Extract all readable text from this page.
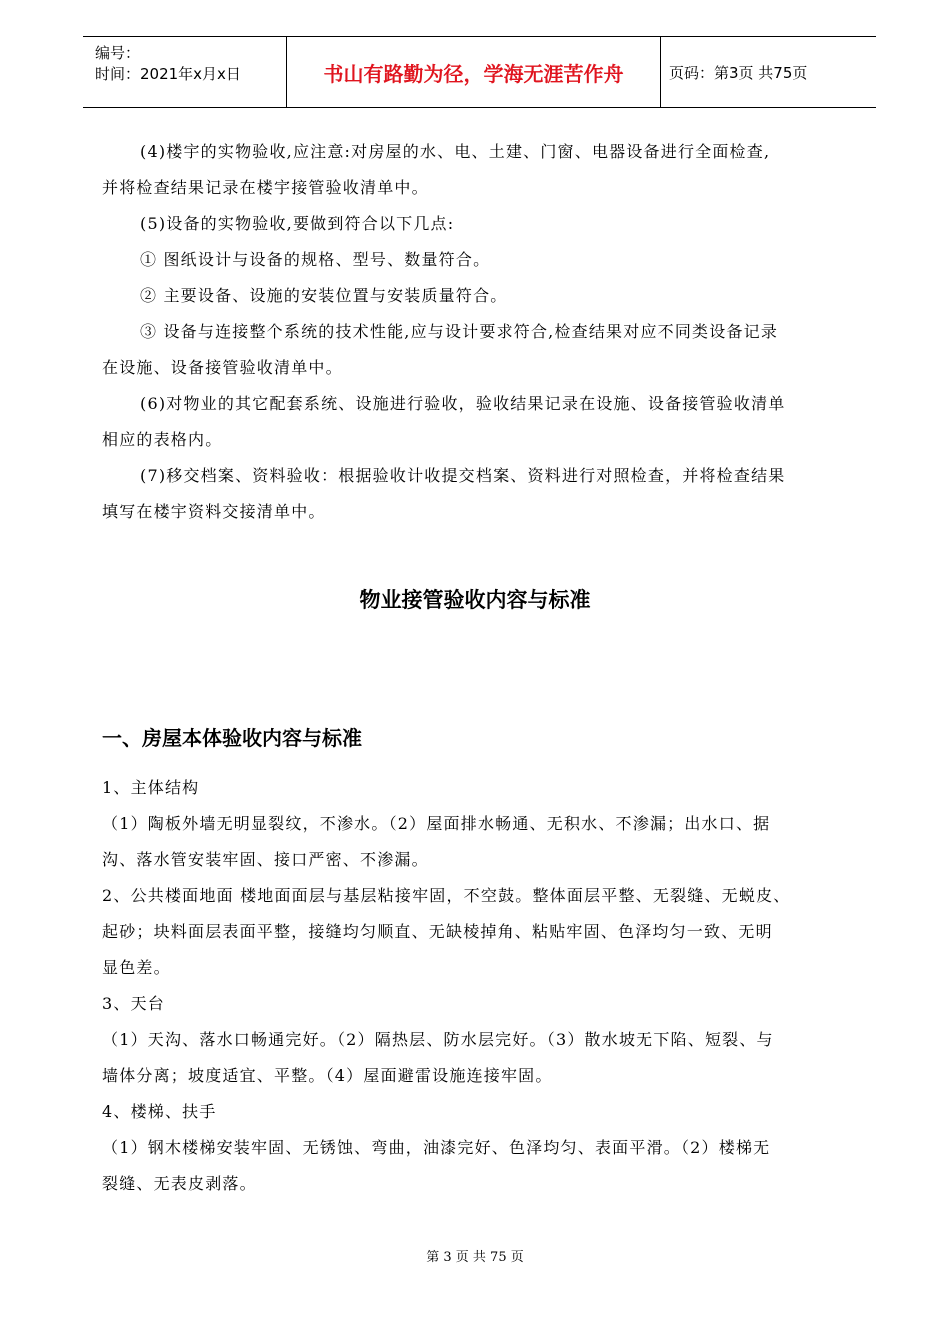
编号：
时间：2021年x月x日	书山有路勤为径，学海无涯苦作舟	页码：第3页 共75页

(4)楼宇的实物验收,应注意:对房屋的水、电、土建、门窗、电器设备进行全面检查,

并将检查结果记录在楼宇接管验收清单中。

(5)设备的实物验收,要做到符合以下几点:

① 图纸设计与设备的规格、型号、数量符合。

② 主要设备、设施的安装位置与安装质量符合。

③ 设备与连接整个系统的技术性能,应与设计要求符合,检查结果对应不同类设备记录

在设施、设备接管验收清单中。

(6)对物业的其它配套系统、设施进行验收，验收结果记录在设施、设备接管验收清单

相应的表格内。

(7)移交档案、资料验收：根据验收计收提交档案、资料进行对照检查，并将检查结果

填写在楼宇资料交接清单中。

物业接管验收内容与标准
一、房屋本体验收内容与标准

1、主体结构

（1）陶板外墙无明显裂纹，不渗水。（2）屋面排水畅通、无积水、不渗漏；出水口、据

沟、落水管安装牢固、接口严密、不渗漏。

2、公共楼面地面 楼地面面层与基层粘接牢固，不空鼓。整体面层平整、无裂缝、无蜕皮、

起砂；块料面层表面平整，接缝均匀顺直、无缺棱掉角、粘贴牢固、色泽均匀一致、无明

显色差。

3、天台

（1）天沟、落水口畅通完好。（2）隔热层、防水层完好。（3）散水坡无下陷、短裂、与

墙体分离；坡度适宜、平整。（4）屋面避雷设施连接牢固。

4、楼梯、扶手

（1）钢木楼梯安装牢固、无锈蚀、弯曲，油漆完好、色泽均匀、表面平滑。（2）楼梯无

裂缝、无表皮剥落。

第 3 页 共 75 页
